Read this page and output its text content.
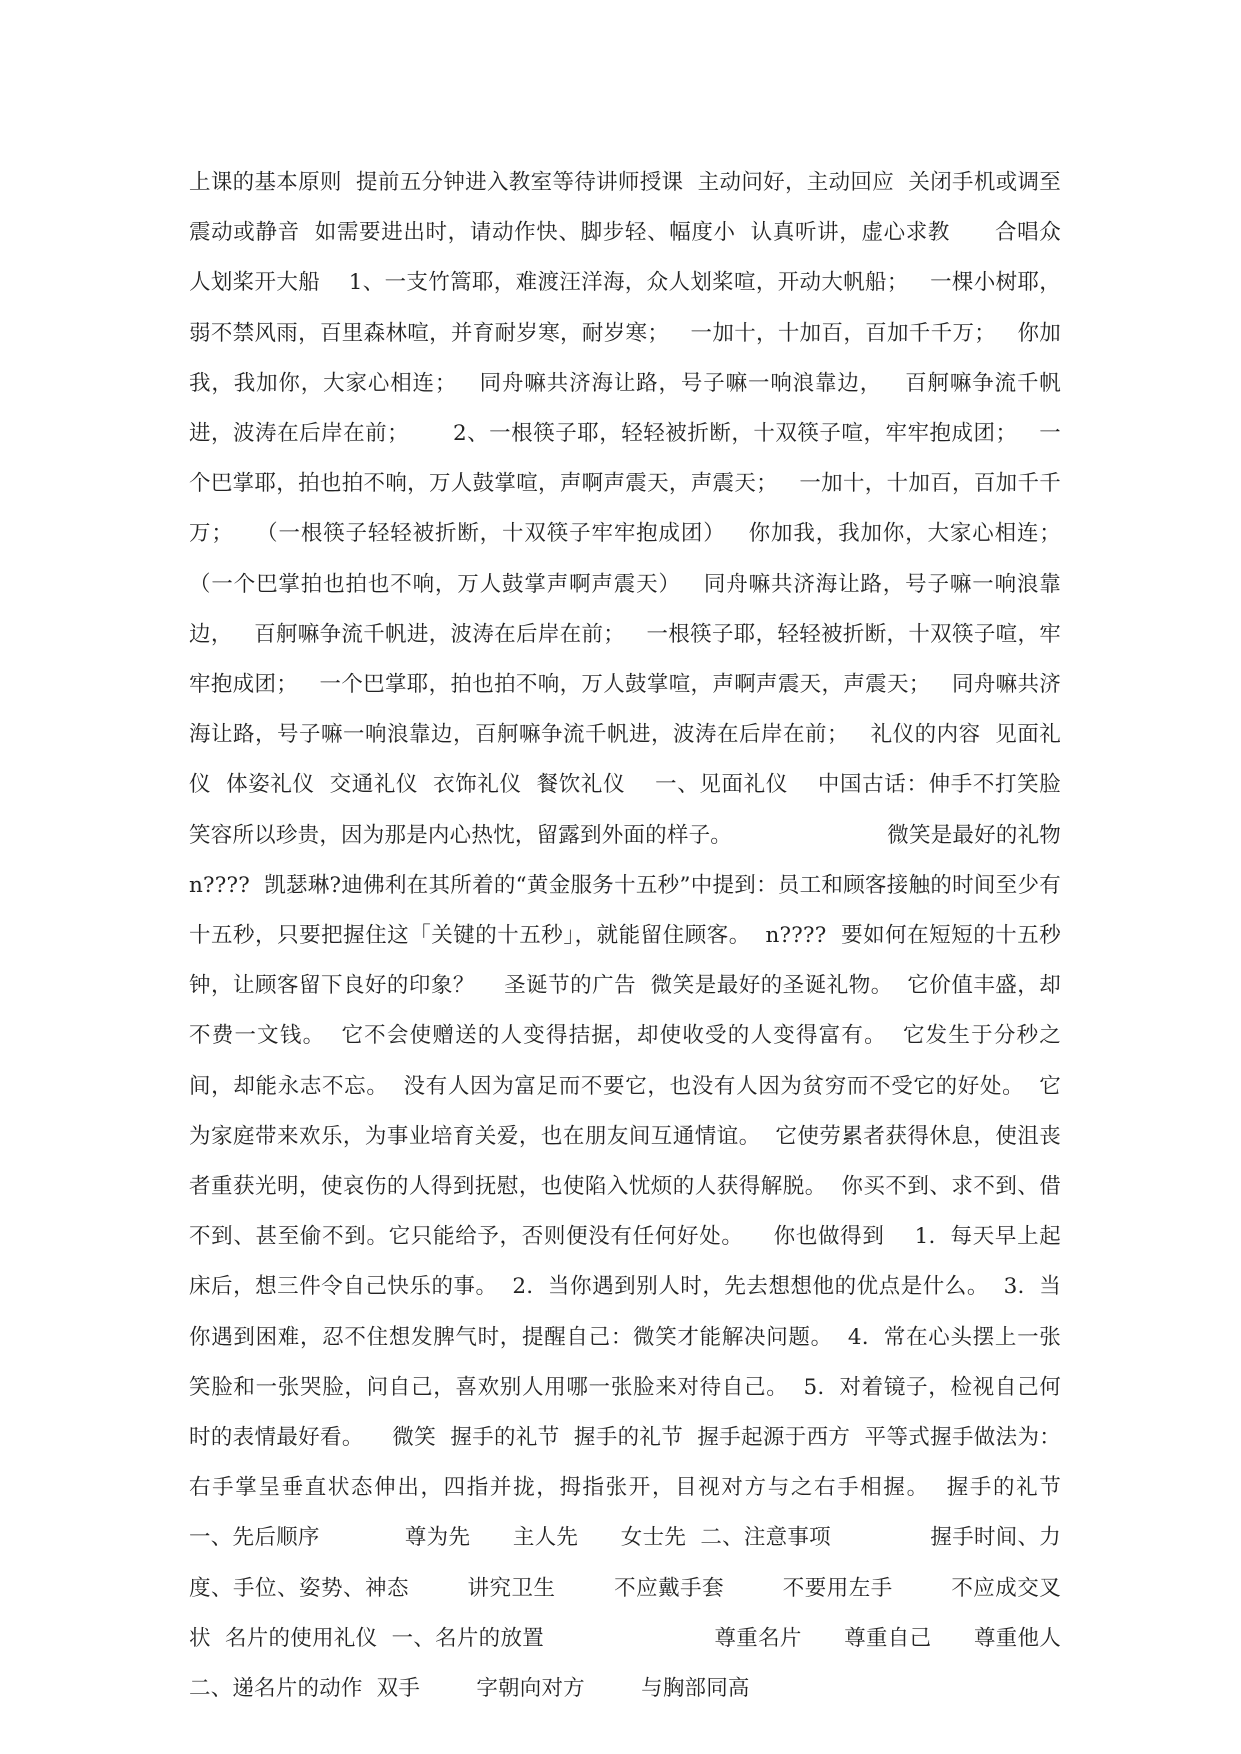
上课的基本原则  提前五分钟进入教室等待讲师授课  主动问好，主动回应  关闭手机或调至震动或静音  如需要进出时，请动作快、脚步轻、幅度小  认真听讲，虚心求教      合唱众人划桨开大船    1、一支竹篙耶，难渡汪洋海，众人划桨喧，开动大帆船；   一棵小树耶，弱不禁风雨，百里森林喧，并育耐岁寒，耐岁寒；   一加十，十加百，百加千千万；   你加我，我加你，大家心相连；   同舟嘛共济海让路，号子嘛一响浪靠边，   百舸嘛争流千帆进，波涛在后岸在前；      2、一根筷子耶，轻轻被折断，十双筷子喧，牢牢抱成团；   一个巴掌耶，拍也拍不响，万人鼓掌喧，声啊声震天，声震天；   一加十，十加百，百加千千万；   （一根筷子轻轻被折断，十双筷子牢牢抱成团）   你加我，我加你，大家心相连；   （一个巴掌拍也拍也不响，万人鼓掌声啊声震天）   同舟嘛共济海让路，号子嘛一响浪靠边，   百舸嘛争流千帆进，波涛在后岸在前；   一根筷子耶，轻轻被折断，十双筷子喧，牢牢抱成团；   一个巴掌耶，拍也拍不响，万人鼓掌喧，声啊声震天，声震天；   同舟嘛共济海让路，号子嘛一响浪靠边，百舸嘛争流千帆进，波涛在后岸在前；   礼仪的内容  见面礼仪  体姿礼仪  交通礼仪  衣饰礼仪  餐饮礼仪    一、见面礼仪    中国古话：伸手不打笑脸          笑容所以珍贵，因为那是内心热忱，留露到外面的样子。                      微笑是最好的礼物  n????  凯瑟琳?迪佛利在其所着的“黄金服务十五秒”中提到：员工和顾客接触的时间至少有十五秒，只要把握住这「关键的十五秒」，就能留住顾客。  n????  要如何在短短的十五秒钟，让顾客留下良好的印象？    圣诞节的广告  微笑是最好的圣诞礼物。  它价值丰盛，却不费一文钱。  它不会使赠送的人变得拮据，却使收受的人变得富有。  它发生于分秒之间，却能永志不忘。  没有人因为富足而不要它，也没有人因为贫穷而不受它的好处。  它为家庭带来欢乐，为事业培育关爱，也在朋友间互通情谊。  它使劳累者获得休息，使沮丧者重获光明，使哀伤的人得到抚慰，也使陷入忧烦的人获得解脱。  你买不到、求不到、借不到、甚至偷不到。它只能给予，否则便没有任何好处。    你也做得到    1.  每天早上起床后，想三件令自己快乐的事。  2.  当你遇到别人时，先去想想他的优点是什么。  3.  当你遇到困难，忍不住想发脾气时，提醒自己：微笑才能解决问题。  4.  常在心头摆上一张笑脸和一张哭脸，问自己，喜欢别人用哪一张脸来对待自己。  5.  对着镜子，检视自己何时的表情最好看。    微笑  握手的礼节  握手的礼节  握手起源于西方  平等式握手做法为：右手掌呈垂直状态伸出，四指并拢，拇指张开，目视对方与之右手相握。  握手的礼节  一、先后顺序            尊为先      主人先      女士先  二、注意事项              握手时间、力度、手位、姿势、神态        讲究卫生        不应戴手套        不要用左手        不应成交叉状  名片的使用礼仪  一、名片的放置                        尊重名片      尊重自己      尊重他人  二、递名片的动作  双手        字朝向对方        与胸部同高
